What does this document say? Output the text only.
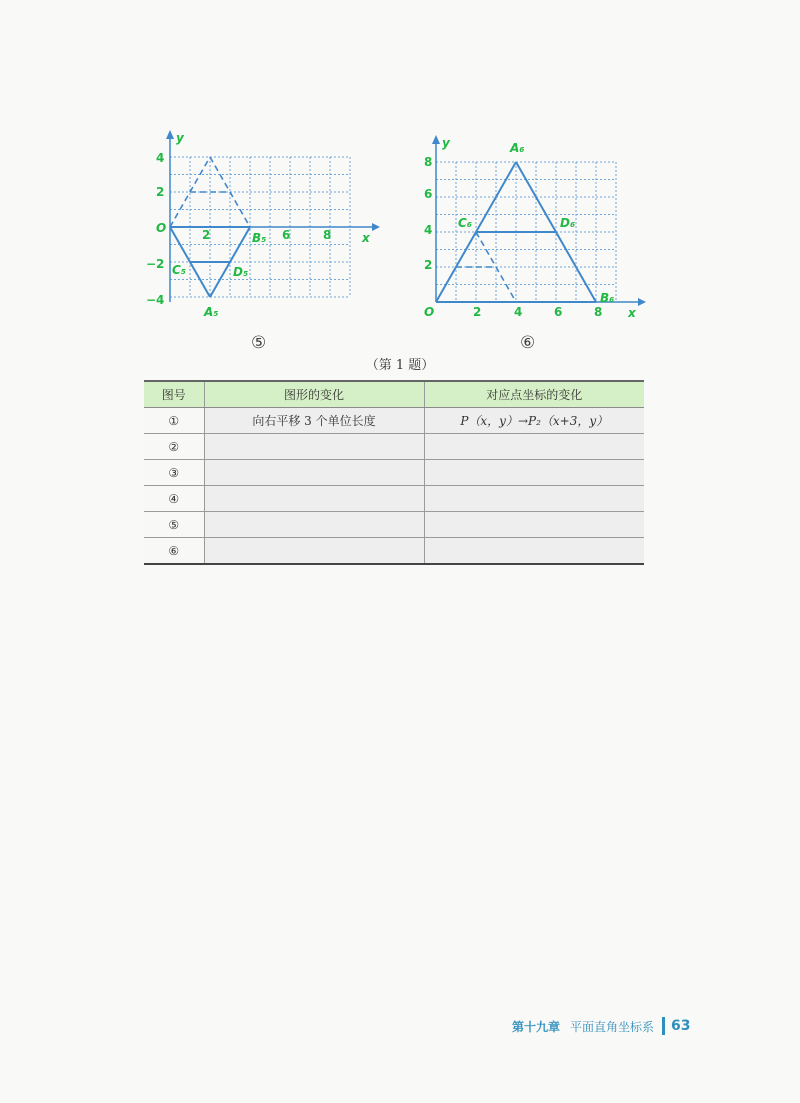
y
x
O	2	6	8
4
2
−2
−4
B₅
C₅	D₅
A₅
y
x
O	2	4	6	8
8
6
4
2
A₆
C₆	D₆
B₆
⑤	⑥
（第 1 题）
图号	图形的变化	对应点坐标的变化
①	向右平移 3 个单位长度	P（x，y）→P₂（x+3，y）
②		
③		
④		
⑤		
⑥		
第十九章 平面直角坐标系 63
